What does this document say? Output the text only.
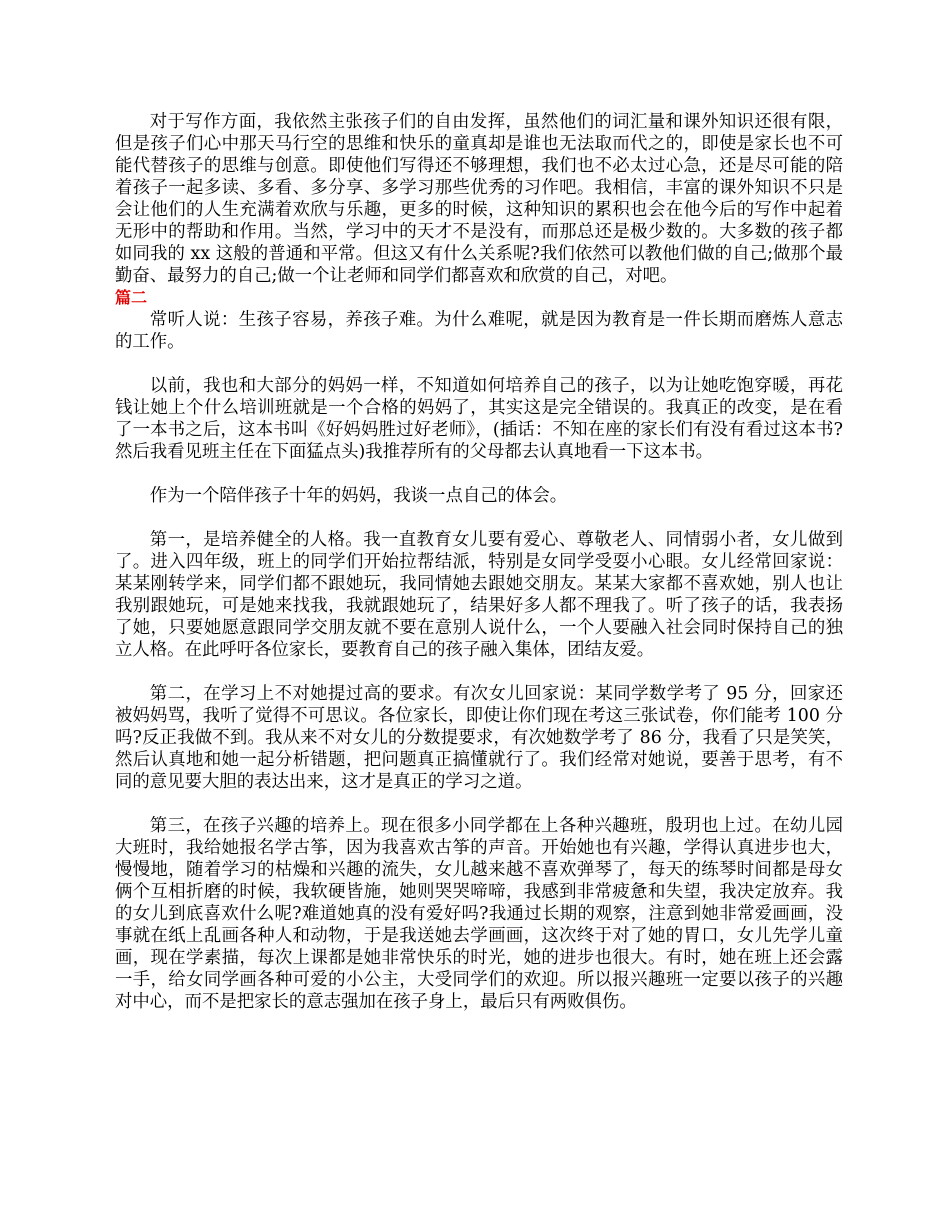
对于写作方面，我依然主张孩子们的自由发挥，虽然他们的词汇量和课外知识还很有限，但是孩子们心中那天马行空的思维和快乐的童真却是谁也无法取而代之的，即使是家长也不可能代替孩子的思维与创意。即使他们写得还不够理想，我们也不必太过心急，还是尽可能的陪着孩子一起多读、多看、多分享、多学习那些优秀的习作吧。我相信，丰富的课外知识不只是会让他们的人生充满着欢欣与乐趣，更多的时候，这种知识的累积也会在他今后的写作中起着无形中的帮助和作用。当然，学习中的天才不是没有，而那总还是极少数的。大多数的孩子都如同我的 xx 这般的普通和平常。但这又有什么关系呢?我们依然可以教他们做的自己;做那个最勤奋、最努力的自己;做一个让老师和同学们都喜欢和欣赏的自己，对吧。

篇二

常听人说：生孩子容易，养孩子难。为什么难呢，就是因为教育是一件长期而磨炼人意志的工作。

以前，我也和大部分的妈妈一样，不知道如何培养自己的孩子，以为让她吃饱穿暖，再花钱让她上个什么培训班就是一个合格的妈妈了，其实这是完全错误的。我真正的改变，是在看了一本书之后，这本书叫《好妈妈胜过好老师》，(插话：不知在座的家长们有没有看过这本书?然后我看见班主任在下面猛点头)我推荐所有的父母都去认真地看一下这本书。

作为一个陪伴孩子十年的妈妈，我谈一点自己的体会。

第一，是培养健全的人格。我一直教育女儿要有爱心、尊敬老人、同情弱小者，女儿做到了。进入四年级，班上的同学们开始拉帮结派，特别是女同学受耍小心眼。女儿经常回家说：某某刚转学来，同学们都不跟她玩，我同情她去跟她交朋友。某某大家都不喜欢她，别人也让我别跟她玩，可是她来找我，我就跟她玩了，结果好多人都不理我了。听了孩子的话，我表扬了她，只要她愿意跟同学交朋友就不要在意别人说什么，一个人要融入社会同时保持自己的独立人格。在此呼吁各位家长，要教育自己的孩子融入集体，团结友爱。

第二，在学习上不对她提过高的要求。有次女儿回家说：某同学数学考了 95 分，回家还被妈妈骂，我听了觉得不可思议。各位家长，即使让你们现在考这三张试卷，你们能考 100 分吗?反正我做不到。我从来不对女儿的分数提要求，有次她数学考了 86 分，我看了只是笑笑，然后认真地和她一起分析错题，把问题真正搞懂就行了。我们经常对她说，要善于思考，有不同的意见要大胆的表达出来，这才是真正的学习之道。

第三，在孩子兴趣的培养上。现在很多小同学都在上各种兴趣班，殷玥也上过。在幼儿园大班时，我给她报名学古筝，因为我喜欢古筝的声音。开始她也有兴趣，学得认真进步也大，慢慢地，随着学习的枯燥和兴趣的流失，女儿越来越不喜欢弹琴了，每天的练琴时间都是母女俩个互相折磨的时候，我软硬皆施，她则哭哭啼啼，我感到非常疲惫和失望，我决定放弃。我的女儿到底喜欢什么呢?难道她真的没有爱好吗?我通过长期的观察，注意到她非常爱画画，没事就在纸上乱画各种人和动物，于是我送她去学画画，这次终于对了她的胃口，女儿先学儿童画，现在学素描，每次上课都是她非常快乐的时光，她的进步也很大。有时，她在班上还会露一手，给女同学画各种可爱的小公主，大受同学们的欢迎。所以报兴趣班一定要以孩子的兴趣对中心，而不是把家长的意志强加在孩子身上，最后只有两败俱伤。
